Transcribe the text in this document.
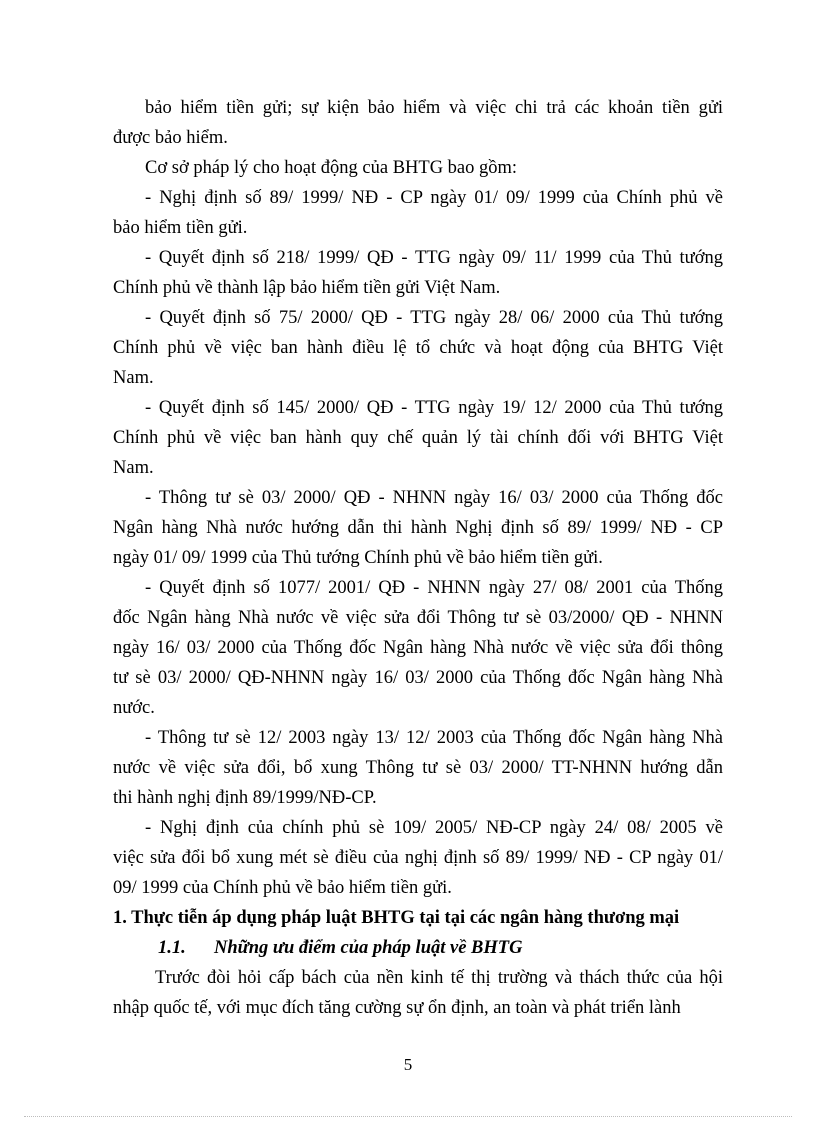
bảo hiểm tiền gửi; sự kiện bảo hiểm và việc chi trả các khoản tiền gửi
được bảo hiểm.
Cơ sở pháp lý cho hoạt động của BHTG bao gồm:
- Nghị định số 89/ 1999/ NĐ - CP ngày 01/ 09/ 1999 của Chính phủ về
bảo hiểm tiền gửi.
- Quyết định số 218/ 1999/ QĐ - TTG ngày 09/ 11/ 1999 của Thủ tướng
Chính phủ về thành lập bảo hiểm tiền gửi Việt Nam.
- Quyết định số 75/ 2000/ QĐ - TTG ngày 28/ 06/ 2000 của Thủ tướng
Chính phủ về việc ban hành điều lệ tổ chức và hoạt động của BHTG Việt
Nam.
- Quyết định số 145/ 2000/ QĐ - TTG ngày 19/ 12/ 2000 của Thủ tướng
Chính phủ về việc ban hành quy chế quản lý tài chính đối với BHTG Việt
Nam.
- Thông tư sè 03/ 2000/ QĐ - NHNN ngày 16/ 03/ 2000 của Thống đốc
Ngân hàng Nhà nước hướng dẫn thi hành Nghị định số 89/ 1999/ NĐ - CP
ngày 01/ 09/ 1999 của Thủ tướng Chính phủ về bảo hiểm tiền gửi.
- Quyết định số 1077/ 2001/ QĐ - NHNN ngày 27/ 08/ 2001 của Thống
đốc Ngân hàng Nhà nước về việc sửa đổi Thông tư sè 03/2000/ QĐ - NHNN
ngày 16/ 03/ 2000 của Thống đốc Ngân hàng Nhà nước về việc sửa đổi thông
tư sè 03/ 2000/ QĐ-NHNN ngày 16/ 03/ 2000 của Thống đốc Ngân hàng Nhà
nước.
- Thông tư sè 12/ 2003 ngày 13/ 12/ 2003 của Thống đốc Ngân hàng Nhà
nước về việc sửa đổi, bổ xung Thông tư sè 03/ 2000/ TT-NHNN hướng dẫn
thi hành nghị định 89/1999/NĐ-CP.
- Nghị định của chính phủ sè 109/ 2005/ NĐ-CP ngày 24/ 08/ 2005 về
việc sửa đổi bổ xung mét sè điều của nghị định số 89/ 1999/ NĐ - CP ngày 01/
09/ 1999 của Chính phủ về bảo hiểm tiền gửi.
1. Thực tiễn áp dụng pháp luật BHTG tại tại các ngân hàng thương mại
1.1. Những ưu điểm của pháp luật về BHTG
Trước đòi hỏi cấp bách của nền kinh tế thị trường và thách thức của hội
nhập quốc tế, với mục đích tăng cường sự ổn định, an toàn và phát triển lành
5
